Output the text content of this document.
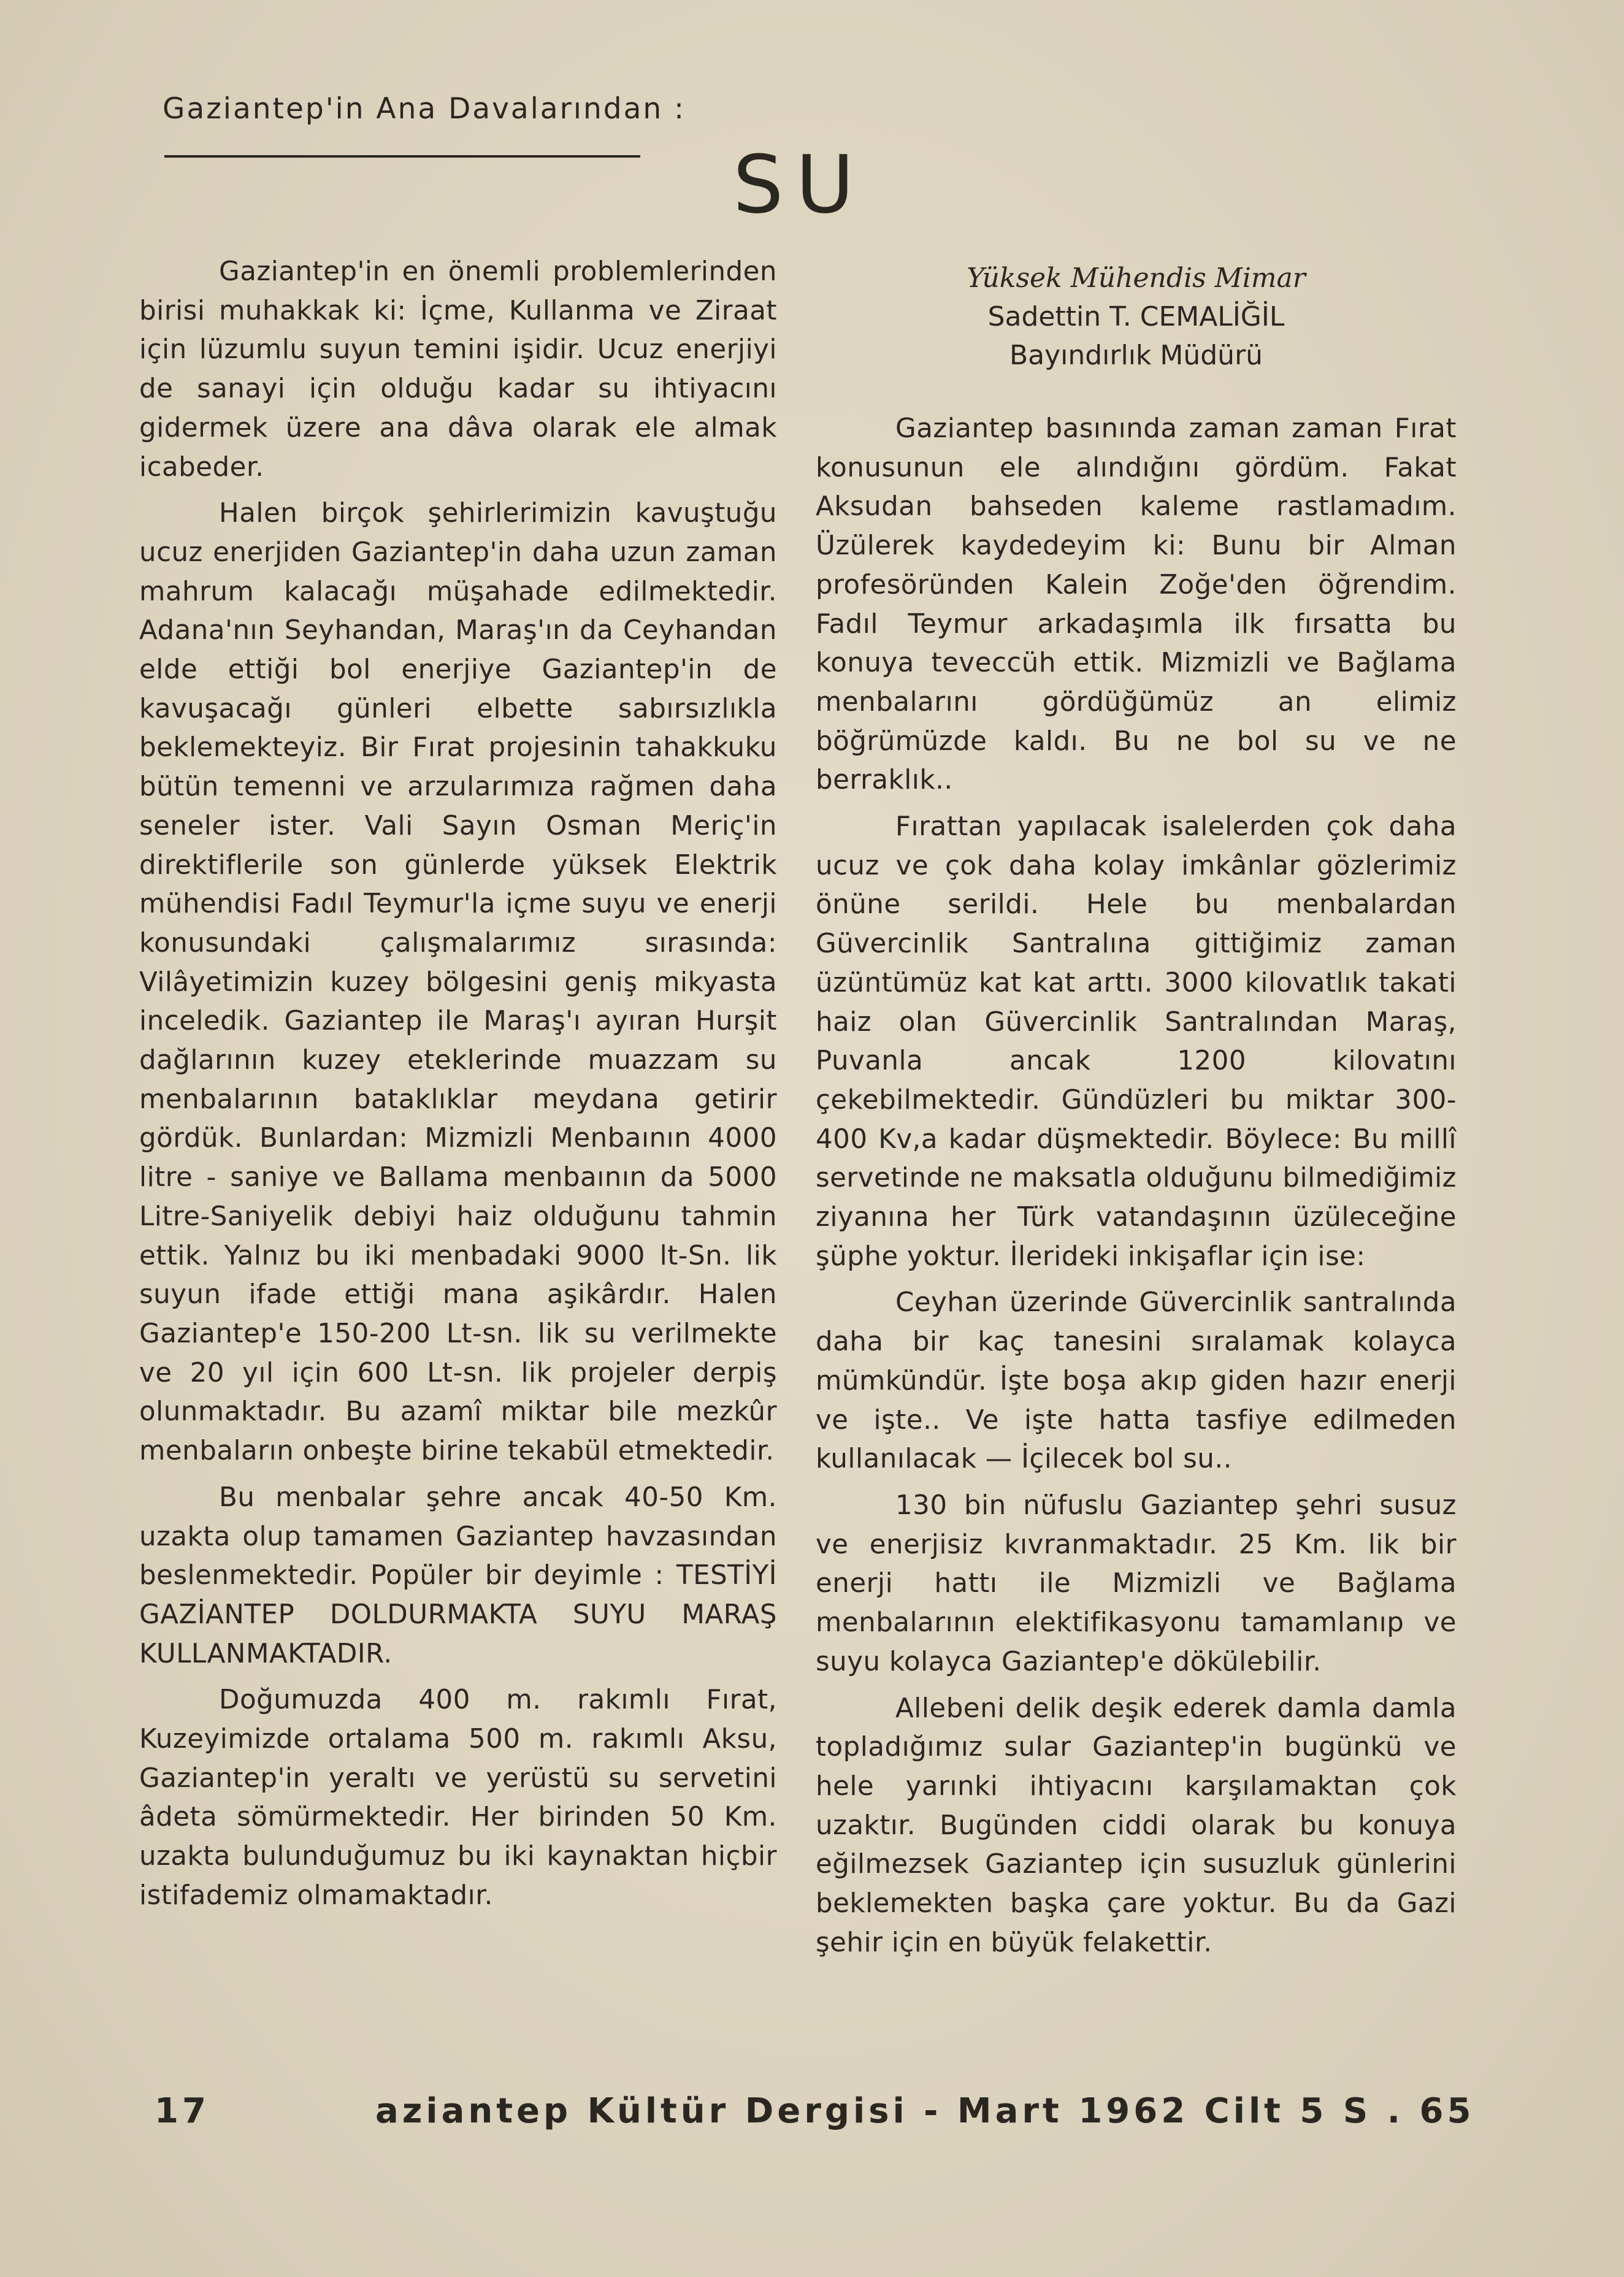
Gaziantep'in Ana Davalarından :
SU

Gaziantep'in en önemli problemlerinden birisi muhakkak ki: İçme, Kullanma ve Ziraat için lüzumlu suyun temini işidir. Ucuz enerjiyi de sanayi için olduğu kadar su ihtiyacını gidermek üzere ana dâva olarak ele almak icabeder.

Halen birçok şehirlerimizin kavuştuğu ucuz enerjiden Gaziantep'in daha uzun zaman mahrum kalacağı müşahade edilmektedir. Adana'nın Seyhandan, Maraş'ın da Ceyhandan elde ettiği bol enerjiye Gaziantep'in de kavuşacağı günleri elbette sabırsızlıkla beklemekteyiz. Bir Fırat projesinin tahakkuku bütün temenni ve arzularımıza rağmen daha seneler ister. Vali Sayın Osman Meriç'in direktiflerile son günlerde yüksek Elektrik mühendisi Fadıl Teymur'la içme suyu ve enerji konusundaki çalışmalarımız sırasında: Vilâyetimizin kuzey bölgesini geniş mikyasta inceledik. Gaziantep ile Maraş'ı ayıran Hurşit dağlarının kuzey eteklerinde muazzam su menbalarının bataklıklar meydana getirir gördük. Bunlardan: Mizmizli Menbaının 4000 litre - saniye ve Ballama menbaının da 5000 Litre-Saniyelik debiyi haiz olduğunu tahmin ettik. Yalnız bu iki menbadaki 9000 lt-Sn. lik suyun ifade ettiği mana aşikârdır. Halen Gaziantep'e 150-200 Lt-sn. lik su verilmekte ve 20 yıl için 600 Lt-sn. lik projeler derpiş olunmaktadır. Bu azamî miktar bile mezkûr menbaların onbeşte birine tekabül etmektedir.

Bu menbalar şehre ancak 40-50 Km. uzakta olup tamamen Gaziantep havzasından beslenmektedir. Popüler bir deyimle : TESTİYİ GAZİANTEP DOLDURMAKTA SUYU MARAŞ KULLANMAKTADIR.

Doğumuzda 400 m. rakımlı Fırat, Kuzeyimizde ortalama 500 m. rakımlı Aksu, Gaziantep'in yeraltı ve yerüstü su servetini âdeta sömürmektedir. Her birinden 50 Km. uzakta bulunduğumuz bu iki kaynaktan hiçbir istifademiz olmamaktadır.

Yüksek Mühendis Mimar
Sadettin T. CEMALİĞİL
Bayındırlık Müdürü

Gaziantep basınında zaman zaman Fırat konusunun ele alındığını gördüm. Fakat Aksudan bahseden kaleme rastlamadım. Üzülerek kaydedeyim ki: Bunu bir Alman profesöründen Kalein Zoğe'den öğrendim. Fadıl Teymur arkadaşımla ilk fırsatta bu konuya teveccüh ettik. Mizmizli ve Bağlama menbalarını gördüğümüz an elimiz böğrümüzde kaldı. Bu ne bol su ve ne berraklık..

Fırattan yapılacak isalelerden çok daha ucuz ve çok daha kolay imkânlar gözlerimiz önüne serildi. Hele bu menbalardan Güvercinlik Santralına gittiğimiz zaman üzüntümüz kat kat arttı. 3000 kilovatlık takati haiz olan Güvercinlik Santralından Maraş, Puvanla ancak 1200 kilovatını çekebilmektedir. Gündüzleri bu miktar 300-400 Kv,a kadar düşmektedir. Böylece: Bu millî servetinde ne maksatla olduğunu bilmediğimiz ziyanına her Türk vatandaşının üzüleceğine şüphe yoktur. İlerideki inkişaflar için ise:

Ceyhan üzerinde Güvercinlik santralında daha bir kaç tanesini sıralamak kolayca mümkündür. İşte boşa akıp giden hazır enerji ve işte.. Ve işte hatta tasfiye edilmeden kullanılacak — İçilecek bol su..

130 bin nüfuslu Gaziantep şehri susuz ve enerjisiz kıvranmaktadır. 25 Km. lik bir enerji hattı ile Mizmizli ve Bağlama menbalarının elektifikasyonu tamamlanıp ve suyu kolayca Gaziantep'e dökülebilir.

Allebeni delik deşik ederek damla damla topladığımız sular Gaziantep'in bugünkü ve hele yarınki ihtiyacını karşılamaktan çok uzaktır. Bugünden ciddi olarak bu konuya eğilmezsek Gaziantep için susuzluk günlerini beklemekten başka çare yoktur. Bu da Gazi şehir için en büyük felakettir.

17	aziantep Kültür Dergisi - Mart 1962 Cilt 5 S . 65
